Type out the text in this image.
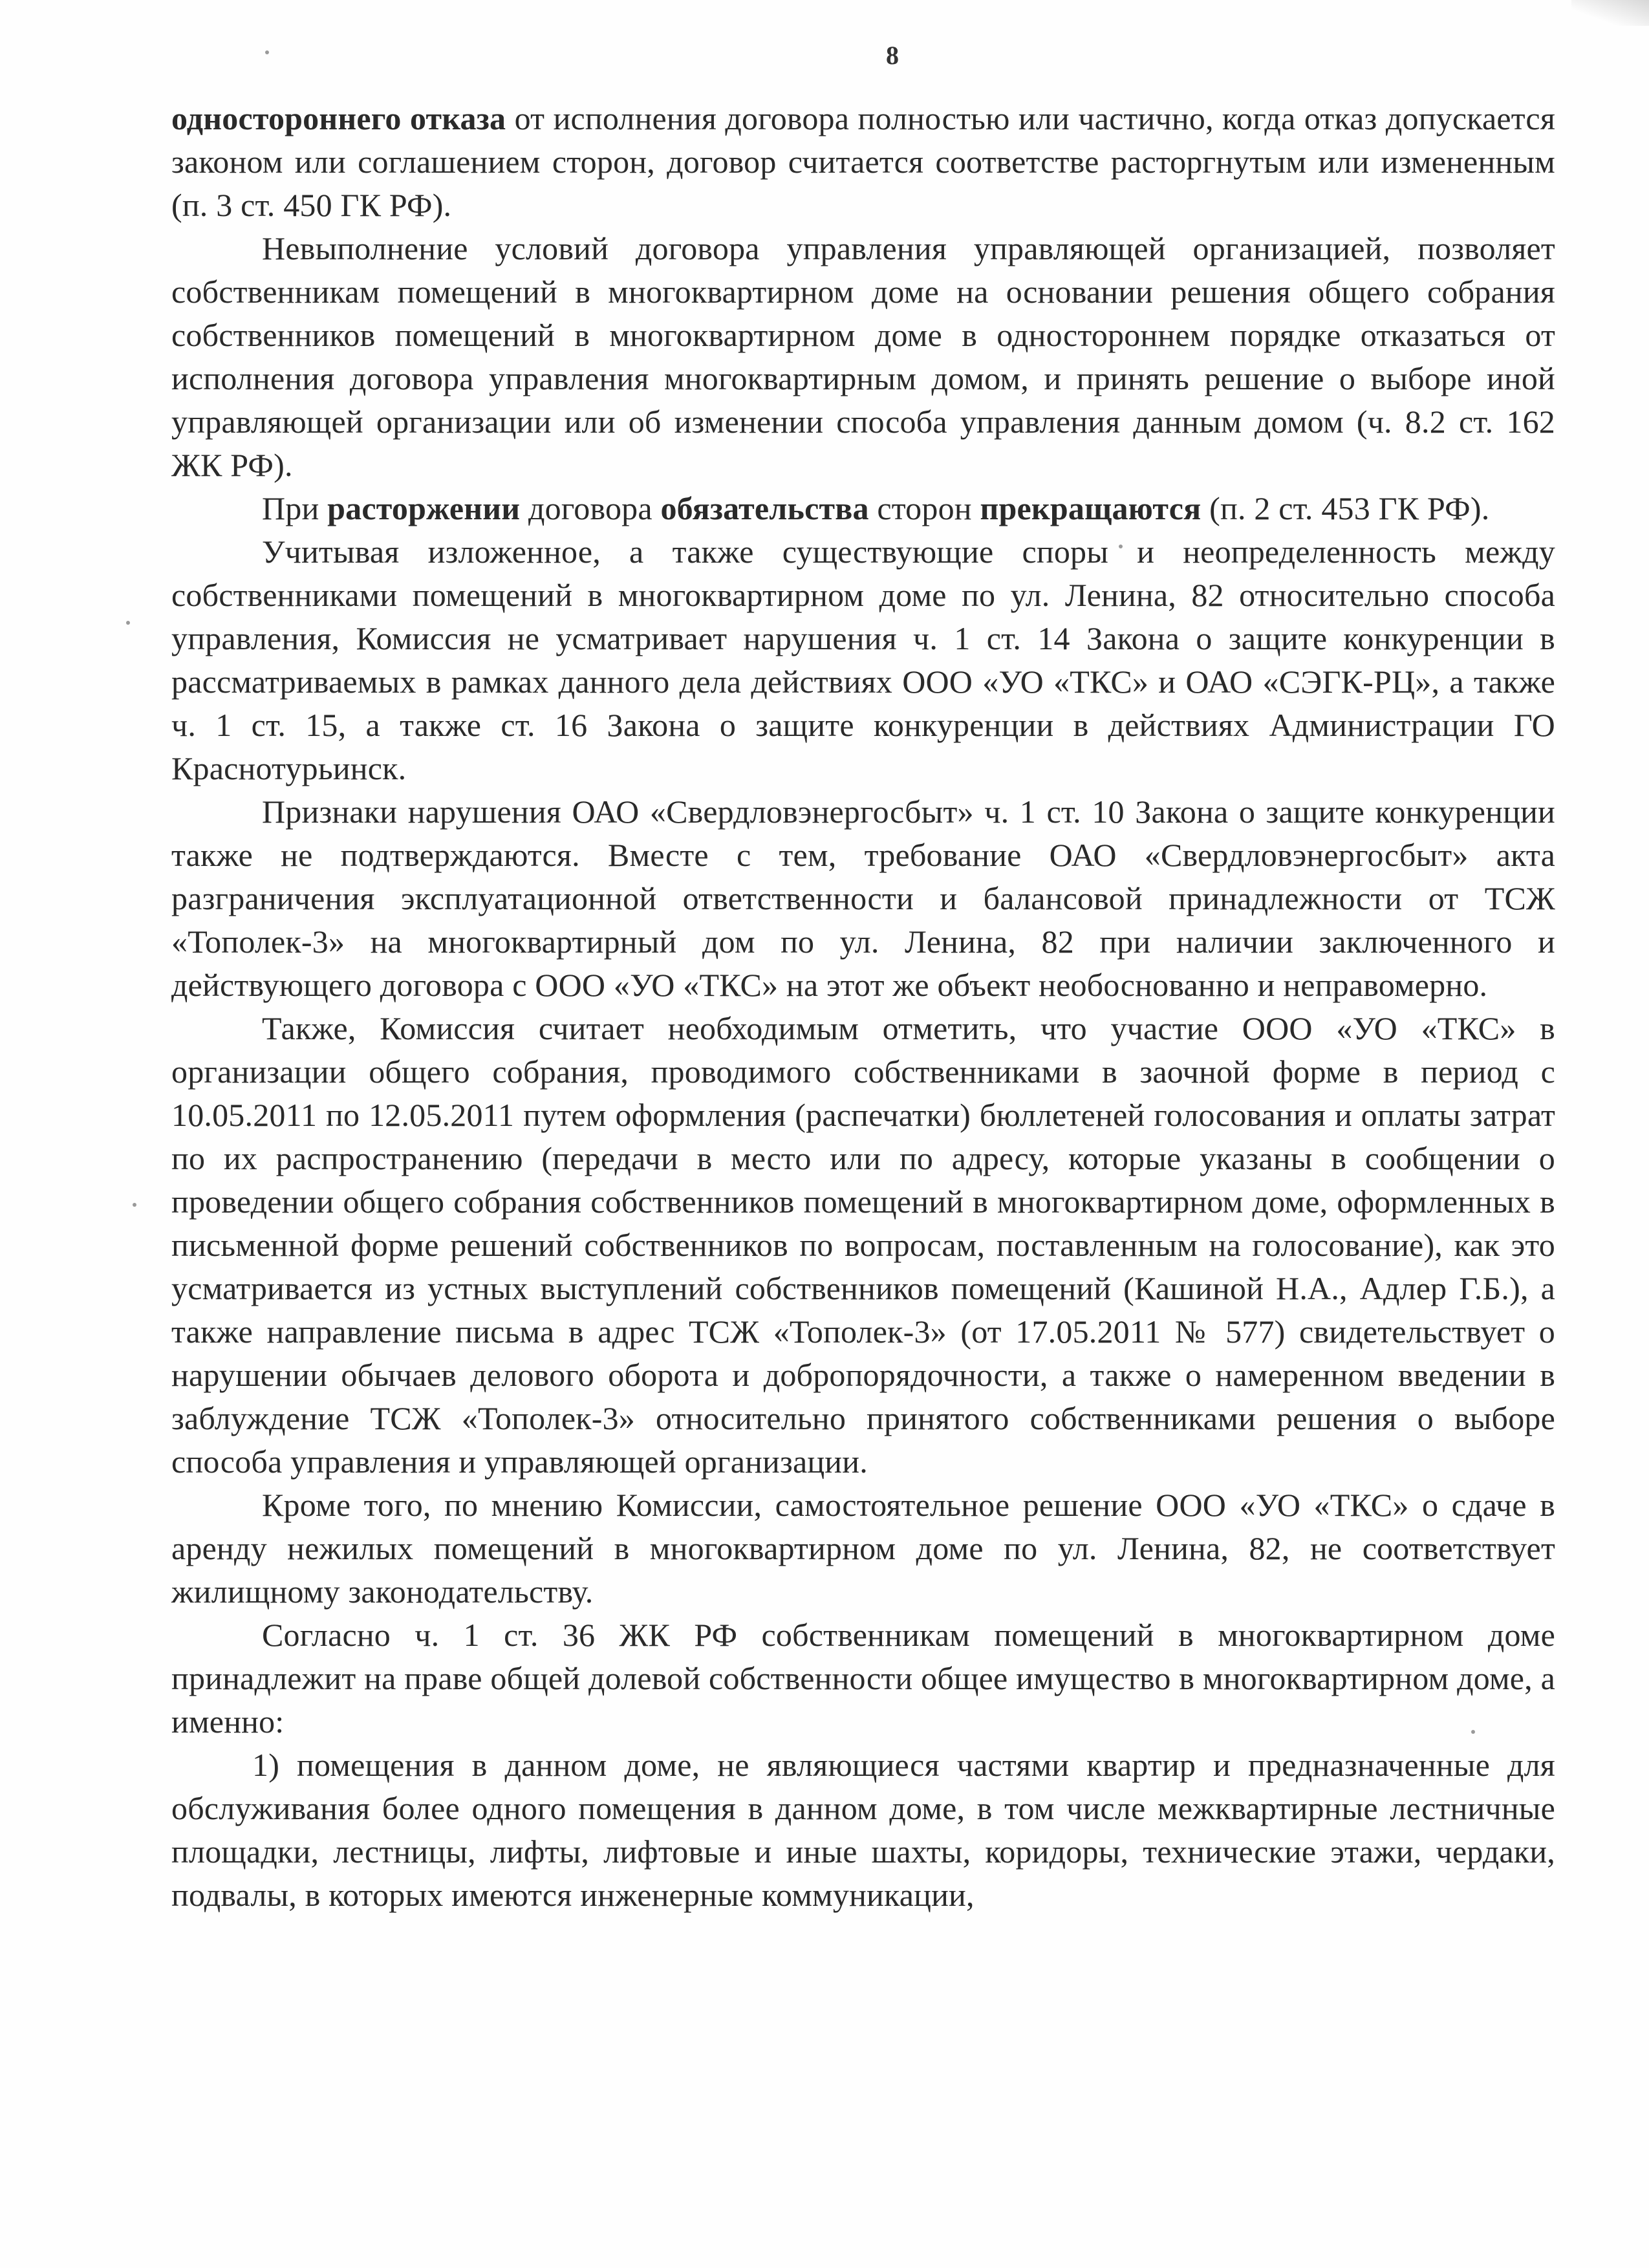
8

одностороннего отказа от исполнения договора полностью или частично, когда отказ допускается законом или соглашением сторон, договор считается соответстве расторгнутым или измененным (п. 3 ст. 450 ГК РФ).

Невыполнение условий договора управления управляющей организацией, позволяет собственникам помещений в многоквартирном доме на основании решения общего собрания собственников помещений в многоквартирном доме в одностороннем порядке отказаться от исполнения договора управления многоквартирным домом, и принять решение о выборе иной управляющей организации или об изменении способа управления данным домом (ч. 8.2 ст. 162 ЖК РФ).

При расторжении договора обязательства сторон прекращаются (п. 2 ст. 453 ГК РФ).

Учитывая изложенное, а также существующие споры и неопределенность между собственниками помещений в многоквартирном доме по ул. Ленина, 82 относительно способа управления, Комиссия не усматривает нарушения ч. 1 ст. 14 Закона о защите конкуренции в рассматриваемых в рамках данного дела действиях ООО «УО «ТКС» и ОАО «СЭГК-РЦ», а также ч. 1 ст. 15, а также ст. 16 Закона о защите конкуренции в действиях Администрации ГО Краснотурьинск.

Признаки нарушения ОАО «Свердловэнергосбыт» ч. 1 ст. 10 Закона о защите конкуренции также не подтверждаются. Вместе с тем, требование ОАО «Свердловэнергосбыт» акта разграничения эксплуатационной ответственности и балансовой принадлежности от ТСЖ «Тополек-3» на многоквартирный дом по ул. Ленина, 82 при наличии заключенного и действующего договора с ООО «УО «ТКС» на этот же объект необоснованно и неправомерно.

Также, Комиссия считает необходимым отметить, что участие ООО «УО «ТКС» в организации общего собрания, проводимого собственниками в заочной форме в период с 10.05.2011 по 12.05.2011 путем оформления (распечатки) бюллетеней голосования и оплаты затрат по их распространению (передачи в место или по адресу, которые указаны в сообщении о проведении общего собрания собственников помещений в многоквартирном доме, оформленных в письменной форме решений собственников по вопросам, поставленным на голосование), как это усматривается из устных выступлений собственников помещений (Кашиной Н.А., Адлер Г.Б.), а также направление письма в адрес ТСЖ «Тополек-3» (от 17.05.2011 № 577) свидетельствует о нарушении обычаев делового оборота и добропорядочности, а также о намеренном введении в заблуждение ТСЖ «Тополек-3» относительно принятого собственниками решения о выборе способа управления и управляющей организации.

Кроме того, по мнению Комиссии, самостоятельное решение ООО «УО «ТКС» о сдаче в аренду нежилых помещений в многоквартирном доме по ул. Ленина, 82, не соответствует жилищному законодательству.

Согласно ч. 1 ст. 36 ЖК РФ собственникам помещений в многоквартирном доме принадлежит на праве общей долевой собственности общее имущество в многоквартирном доме, а именно:

1) помещения в данном доме, не являющиеся частями квартир и предназначенные для обслуживания более одного помещения в данном доме, в том числе межквартирные лестничные площадки, лестницы, лифты, лифтовые и иные шахты, коридоры, технические этажи, чердаки, подвалы, в которых имеются инженерные коммуникации,
